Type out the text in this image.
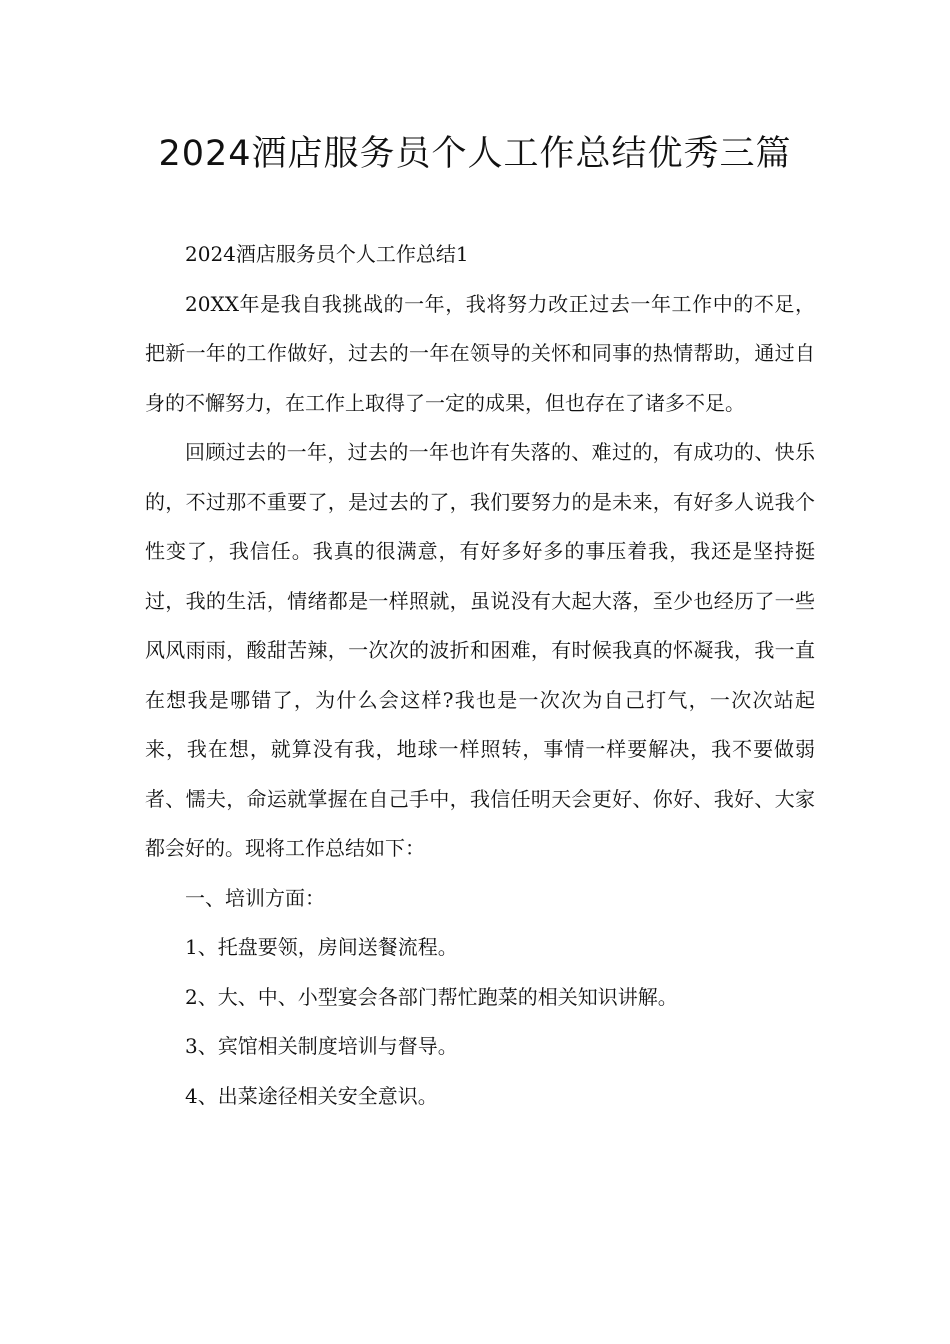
2024酒店服务员个人工作总结优秀三篇

2024酒店服务员个人工作总结1

20XX年是我自我挑战的一年，我将努力改正过去一年工作中的不足，把新一年的工作做好，过去的一年在领导的关怀和同事的热情帮助，通过自身的不懈努力，在工作上取得了一定的成果，但也存在了诸多不足。

回顾过去的一年，过去的一年也许有失落的、难过的，有成功的、快乐的，不过那不重要了，是过去的了，我们要努力的是未来，有好多人说我个性变了，我信任。我真的很满意，有好多好多的事压着我，我还是坚持挺过，我的生活，情绪都是一样照就，虽说没有大起大落，至少也经历了一些风风雨雨，酸甜苦辣，一次次的波折和困难，有时候我真的怀凝我，我一直在想我是哪错了，为什么会这样?我也是一次次为自己打气，一次次站起来，我在想，就算没有我，地球一样照转，事情一样要解决，我不要做弱者、懦夫，命运就掌握在自己手中，我信任明天会更好、你好、我好、大家都会好的。现将工作总结如下：

一、培训方面：

1、托盘要领，房间送餐流程。

2、大、中、小型宴会各部门帮忙跑菜的相关知识讲解。

3、宾馆相关制度培训与督导。

4、出菜途径相关安全意识。
